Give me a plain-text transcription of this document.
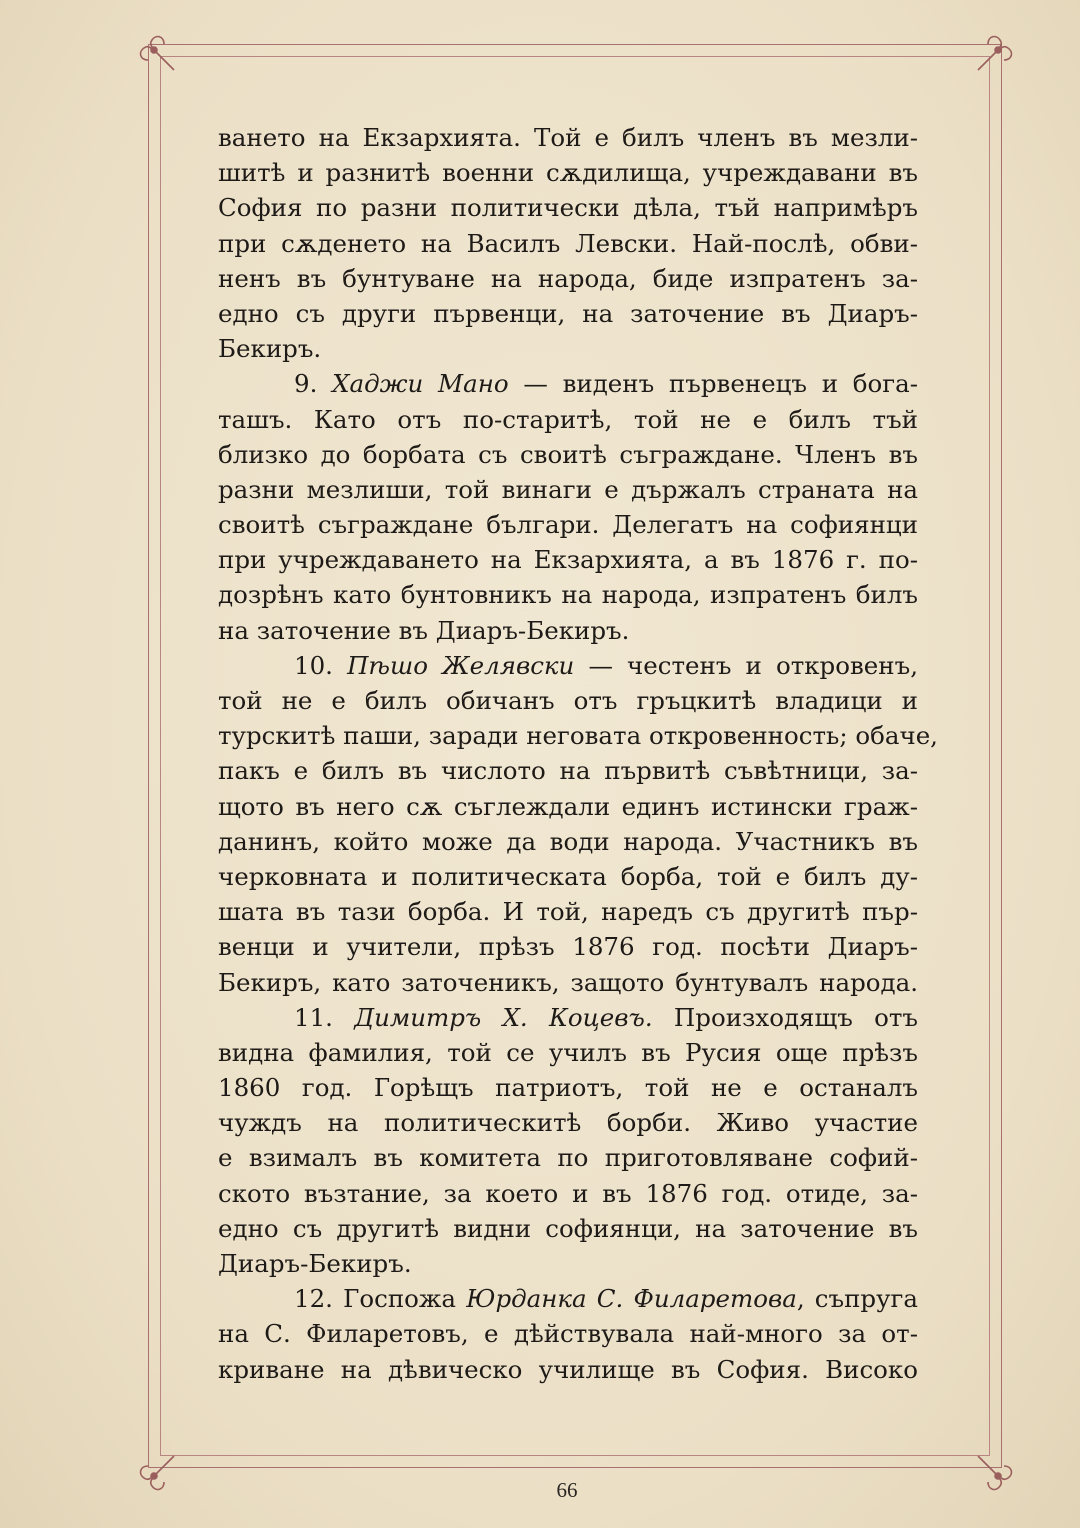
ването на Екзархията. Той е билъ членъ въ мезли-
шитѣ и разнитѣ военни сѫдилища, учреждавани въ
София по разни политически дѣла, тъй напримѣръ
при сѫденето на Василъ Левски. Най-послѣ, обви-
ненъ въ бунтуване на народа, биде изпратенъ за-
едно съ други първенци, на заточение въ Диаръ-
Бекиръ.
9. Хаджи Мано — виденъ първенецъ и бога-
ташъ. Като отъ по-старитѣ, той не е билъ тъй
близко до борбата съ своитѣ съграждане. Членъ въ
разни мезлиши, той винаги е държалъ страната на
своитѣ съграждане българи. Делегатъ на софиянци
при учреждаването на Екзархията, а въ 1876 г. по-
дозрѣнъ като бунтовникъ на народа, изпратенъ билъ
на заточение въ Диаръ-Бекиръ.
10. Пѣшо Желявски — честенъ и откровенъ,
той не е билъ обичанъ отъ гръцкитѣ владици и
турскитѣ паши, заради неговата откровенность; обаче,
пакъ е билъ въ числото на първитѣ съвѣтници, за-
щото въ него сѫ съглеждали единъ истински граж-
данинъ, който може да води народа. Участникъ въ
черковната и политическата борба, той е билъ ду-
шата въ тази борба. И той, наредъ съ другитѣ пър-
венци и учители, прѣзъ 1876 год. посѣти Диаръ-
Бекиръ, като заточеникъ, защото бунтувалъ народа.
11. Димитръ Х. Коцевъ. Произходящъ отъ
видна фамилия, той се училъ въ Русия още прѣзъ
1860 год. Горѣщъ патриотъ, той не е останалъ
чуждъ на политическитѣ борби. Живо участие
е взималъ въ комитета по приготовляване софий-
ското възтание, за което и въ 1876 год. отиде, за-
едно съ другитѣ видни софиянци, на заточение въ
Диаръ-Бекиръ.
12. Госпожа Юрданка С. Филаретова, съпруга
на С. Филаретовъ, е дѣйствувала най-много за от-
криване на дѣвическо училище въ София. Високо
66
